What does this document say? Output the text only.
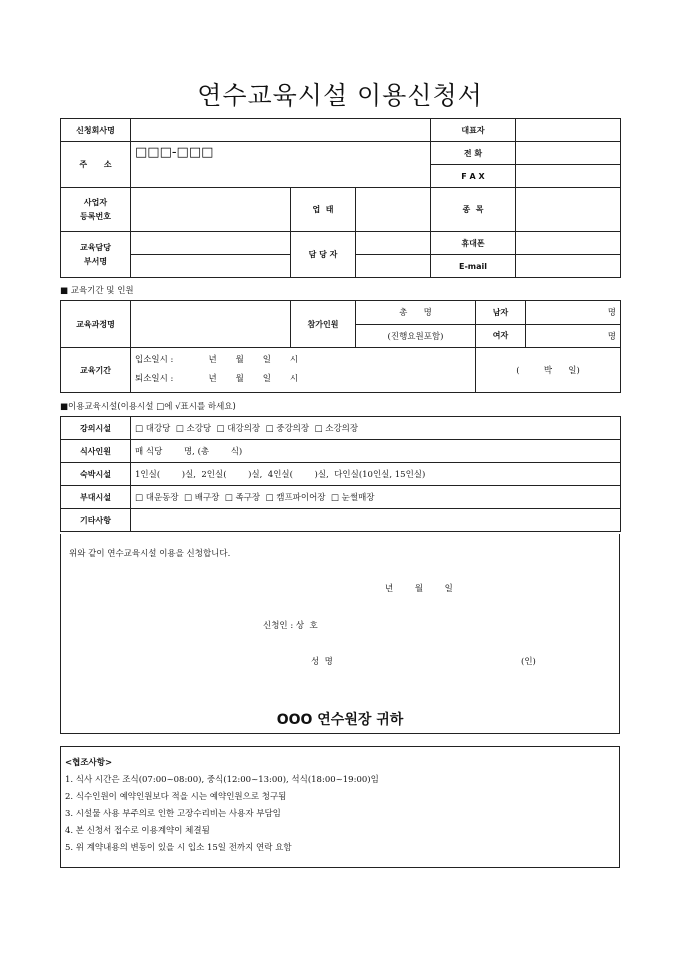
연수교육시설 이용신청서
신청회사명				대표자	
주      소	□□□-□□□			전 화	
				F A X	
사업자
등록번호		업  태		종  목	
교육담당
부서명		담 당 자		휴대폰	
				E-mail	
■ 교육기간 및 인원
교육과정명		참가인원	총      명	남자	명
			(진행요원포함)	여자	명
교육기간	입소일시 :             년       월       일       시
퇴소일시 :             년       월       일       시			(         박      일)	
■이용교육시설(이용시설 □에 √표시를 하세요)
강의시설	□ 대강당  □ 소강당  □ 대강의장  □ 중강의장  □ 소강의장
식사인원	매 식당        명, (총        식)
숙박시설	1인실(        )실,  2인실(        )실,  4인실(        )실,  다인실(10인실, 15인실)
부대시설	□ 대운동장  □ 배구장  □ 족구장  □ 캠프파이어장  □ 눈썰매장
기타사항	
위와 같이 연수교육시설 이용을 신청합니다.
년        월        일
신청인 : 상  호
성  명	(인)
OOO 연수원장 귀하
<협조사항>
1. 식사 시간은 조식(07:00~08:00), 중식(12:00~13:00), 석식(18:00~19:00)임
2. 식수인원이 예약인원보다 적을 시는 예약인원으로 청구됨
3. 시설물 사용 부주의로 인한 고장수리비는 사용자 부담임
4. 본 신청서 접수로 이용계약이 체결됨
5. 위 계약내용의 변동이 있을 시 입소 15일 전까지 연락 요함
